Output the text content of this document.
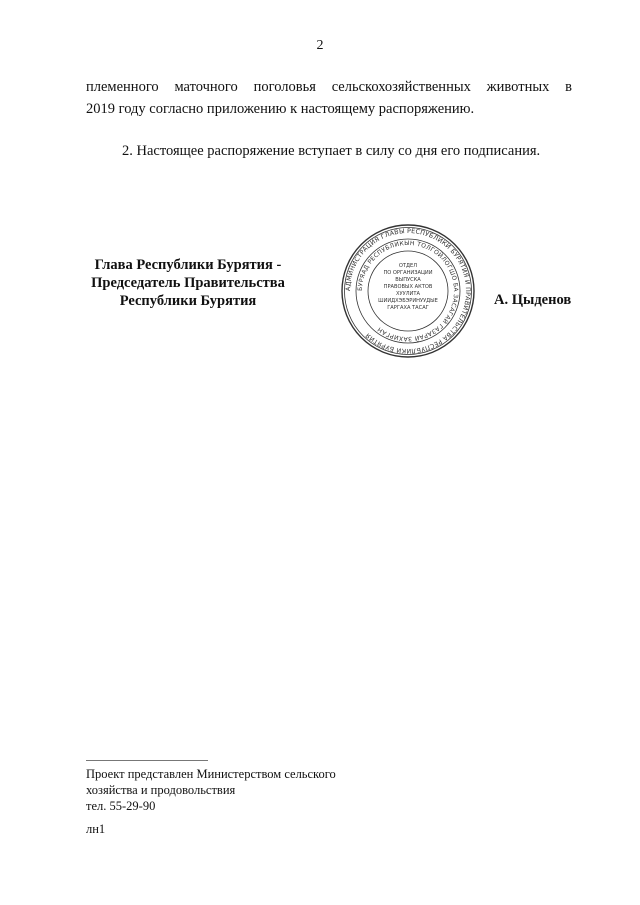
2
племенного маточного поголовья сельскохозяйственных животных в
2019 году согласно приложению к настоящему распоряжению.
2. Настоящее распоряжение вступает в силу со дня его подписания.
Глава Республики Бурятия -
Председатель Правительства
Республики Бурятия
АДМИНИСТРАЦИЯ ГЛАВЫ РЕСПУБЛИКИ БУРЯТИЯ И ПРАВИТЕЛЬСТВА РЕСПУБЛИКИ БУРЯТИЯ
БУРЯАД РЕСПУБЛИКЫН ТОЛГОЙЛОГШО БА ЗАСАГАЙ ГАЗАРАЙ ЗАХИРГАН
ОТДЕЛ
ПО ОРГАНИЗАЦИИ
ВЫПУСКА
ПРАВОВЫХ АКТОВ
ХУУЛИТА
ШИИДХЭБЭРИНУУДЫЕ
ГАРГАХА ТАСАГ	А. Цыденов
Проект представлен Министерством сельского
хозяйства и продовольствия
тел. 55-29-90
лн1
